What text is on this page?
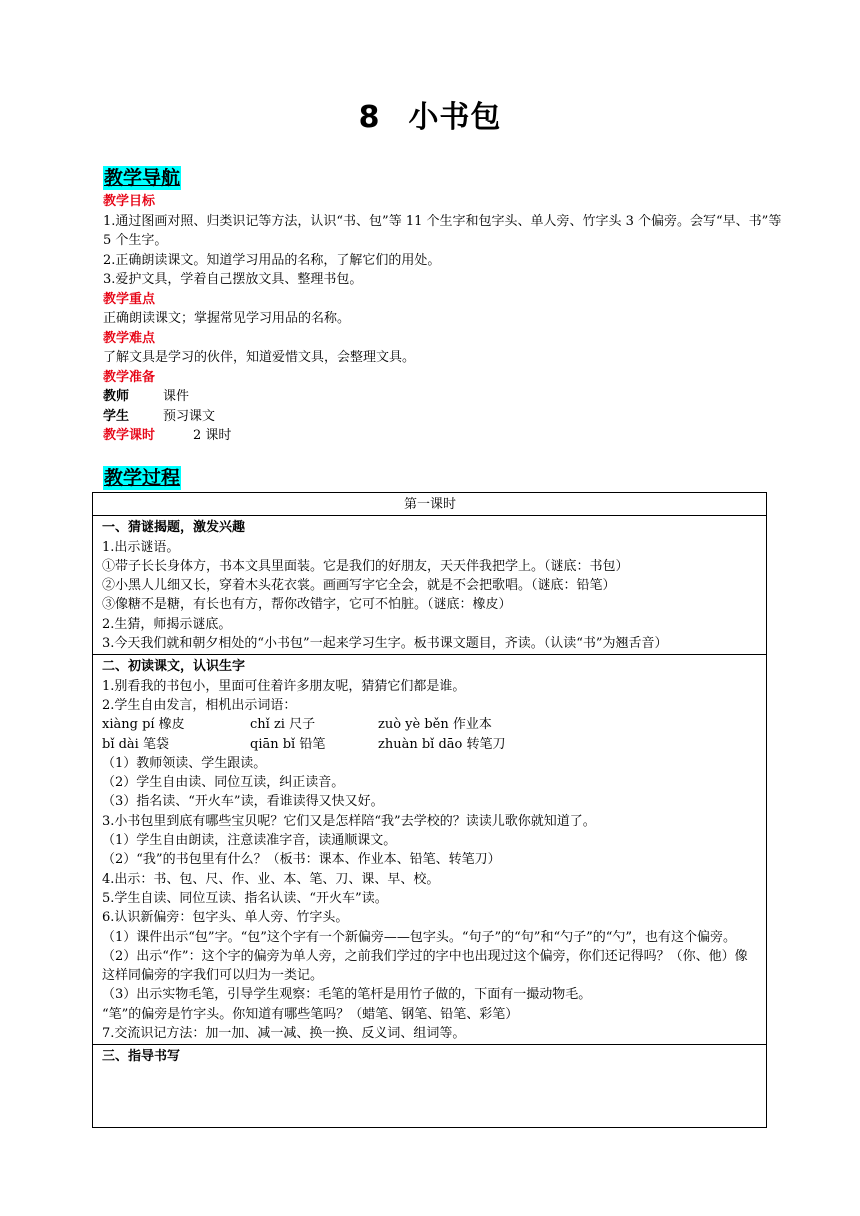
8 小书包
教学导航
教学目标
1.通过图画对照、归类识记等方法，认识“书、包”等 11 个生字和包字头、单人旁、竹字头 3 个偏旁。会写“早、书”等 5 个生字。
2.正确朗读课文。知道学习用品的名称，了解它们的用处。
3.爱护文具，学着自己摆放文具、整理书包。
教学重点
正确朗读课文；掌握常见学习用品的名称。
教学难点
了解文具是学习的伙伴，知道爱惜文具，会整理文具。
教学准备
教师	课件
学生	预习课文
教学课时	2 课时
教学过程
第一课时
一、猜谜揭题，激发兴趣
1.出示谜语。
①带子长长身体方，书本文具里面装。它是我们的好朋友，天天伴我把学上。（谜底：书包）
②小黑人儿细又长，穿着木头花衣裳。画画写字它全会，就是不会把歌唱。（谜底：铅笔）
③像糖不是糖，有长也有方，帮你改错字，它可不怕脏。（谜底：橡皮）
2.生猜，师揭示谜底。
3.今天我们就和朝夕相处的“小书包”一起来学习生字。板书课文题目，齐读。（认读“书”为翘舌音）
二、初读课文，认识生字
1.别看我的书包小，里面可住着许多朋友呢，猜猜它们都是谁。
2.学生自由发言，相机出示词语：
xiàng pí 橡皮	chǐ zi 尺子	zuò yè běn 作业本
bǐ dài 笔袋	qiān bǐ 铅笔	zhuàn bǐ dāo 转笔刀
（1）教师领读、学生跟读。
（2）学生自由读、同位互读，纠正读音。
（3）指名读、“开火车”读，看谁读得又快又好。
3.小书包里到底有哪些宝贝呢？它们又是怎样陪“我”去学校的？读读儿歌你就知道了。
（1）学生自由朗读，注意读准字音，读通顺课文。
（2）“我”的书包里有什么？（板书：课本、作业本、铅笔、转笔刀）
4.出示：书、包、尺、作、业、本、笔、刀、课、早、校。
5.学生自读、同位互读、指名认读、“开火车”读。
6.认识新偏旁：包字头、单人旁、竹字头。
（1）课件出示“包”字。“包”这个字有一个新偏旁——包字头。“句子”的“句”和“勺子”的“勺”，也有这个偏旁。
（2）出示“作”：这个字的偏旁为单人旁，之前我们学过的字中也出现过这个偏旁，你们还记得吗？（你、他）像这样同偏旁的字我们可以归为一类记。
（3）出示实物毛笔，引导学生观察：毛笔的笔杆是用竹子做的，下面有一撮动物毛。
“笔”的偏旁是竹字头。你知道有哪些笔吗？（蜡笔、钢笔、铅笔、彩笔）
7.交流识记方法：加一加、减一减、换一换、反义词、组词等。
三、指导书写
